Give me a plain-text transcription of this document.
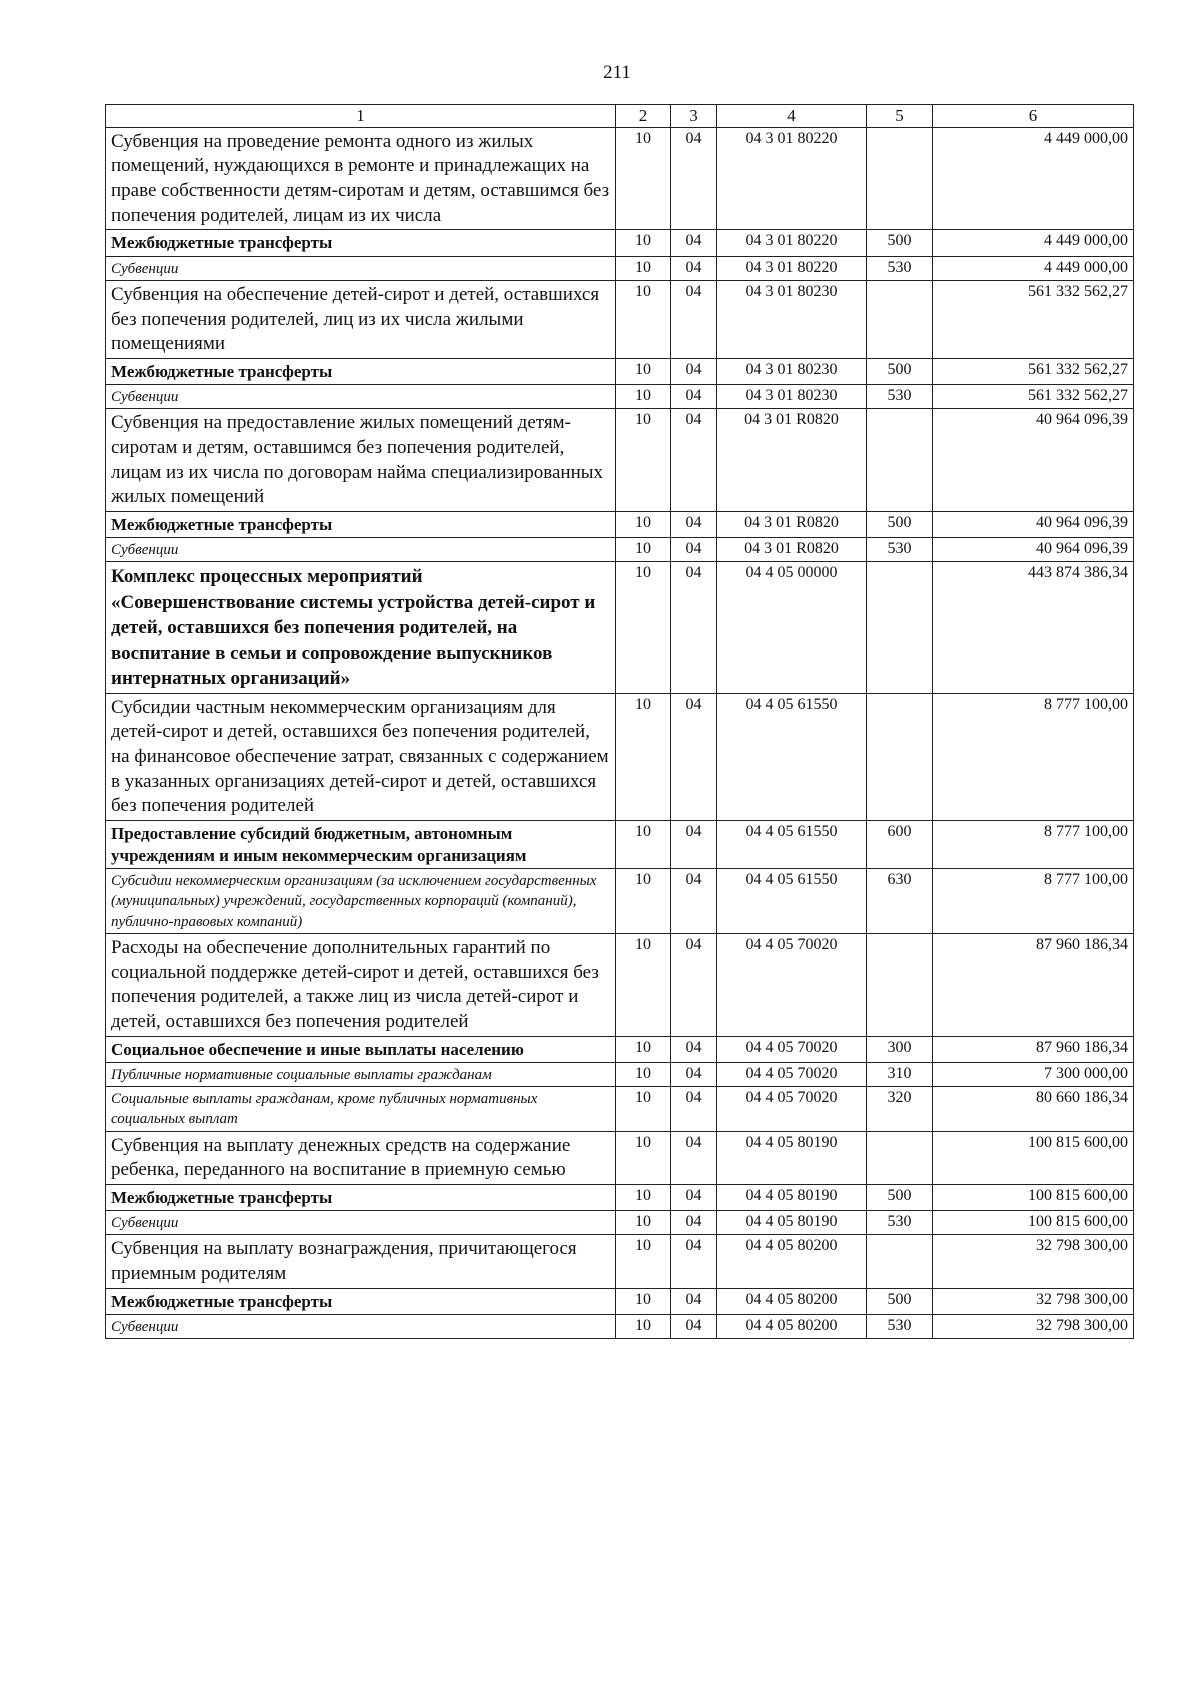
211
1	2	3	4	5	6
Субвенция на проведение ремонта одного из жилых помещений, нуждающихся в ремонте и принадлежащих на праве собственности детям-сиротам и детям, оставшимся без попечения родителей, лицам из их числа	10	04	04 3 01 80220		4 449 000,00
Межбюджетные трансферты	10	04	04 3 01 80220	500	4 449 000,00
Субвенции	10	04	04 3 01 80220	530	4 449 000,00
Субвенция на обеспечение детей-сирот и детей, оставшихся без попечения родителей, лиц из их числа жилыми помещениями	10	04	04 3 01 80230		561 332 562,27
Межбюджетные трансферты	10	04	04 3 01 80230	500	561 332 562,27
Субвенции	10	04	04 3 01 80230	530	561 332 562,27
Субвенция на предоставление жилых помещений детям-сиротам и детям, оставшимся без попечения родителей, лицам из их числа по договорам найма специализированных жилых помещений	10	04	04 3 01 R0820		40 964 096,39
Межбюджетные трансферты	10	04	04 3 01 R0820	500	40 964 096,39
Субвенции	10	04	04 3 01 R0820	530	40 964 096,39
Комплекс процессных мероприятий «Совершенствование системы устройства детей-сирот и детей, оставшихся без попечения родителей, на воспитание в семьи и сопровождение выпускников интернатных организаций»	10	04	04 4 05 00000		443 874 386,34
Субсидии частным некоммерческим организациям для детей-сирот и детей, оставшихся без попечения родителей, на финансовое обеспечение затрат, связанных с содержанием в указанных организациях детей-сирот и детей, оставшихся без попечения родителей	10	04	04 4 05 61550		8 777 100,00
Предоставление субсидий бюджетным, автономным учреждениям и иным некоммерческим организациям	10	04	04 4 05 61550	600	8 777 100,00
Субсидии некоммерческим организациям (за исключением государственных (муниципальных) учреждений, государственных корпораций (компаний), публично-правовых компаний)	10	04	04 4 05 61550	630	8 777 100,00
Расходы на обеспечение дополнительных гарантий по социальной поддержке детей-сирот и детей, оставшихся без попечения родителей, а также лиц из числа детей-сирот и детей, оставшихся без попечения родителей	10	04	04 4 05 70020		87 960 186,34
Социальное обеспечение и иные выплаты населению	10	04	04 4 05 70020	300	87 960 186,34
Публичные нормативные социальные выплаты гражданам	10	04	04 4 05 70020	310	7 300 000,00
Социальные выплаты гражданам, кроме публичных нормативных социальных выплат	10	04	04 4 05 70020	320	80 660 186,34
Субвенция на выплату денежных средств на содержание ребенка, переданного на воспитание в приемную семью	10	04	04 4 05 80190		100 815 600,00
Межбюджетные трансферты	10	04	04 4 05 80190	500	100 815 600,00
Субвенции	10	04	04 4 05 80190	530	100 815 600,00
Субвенция на выплату вознаграждения, причитающегося приемным родителям	10	04	04 4 05 80200		32 798 300,00
Межбюджетные трансферты	10	04	04 4 05 80200	500	32 798 300,00
Субвенции	10	04	04 4 05 80200	530	32 798 300,00
